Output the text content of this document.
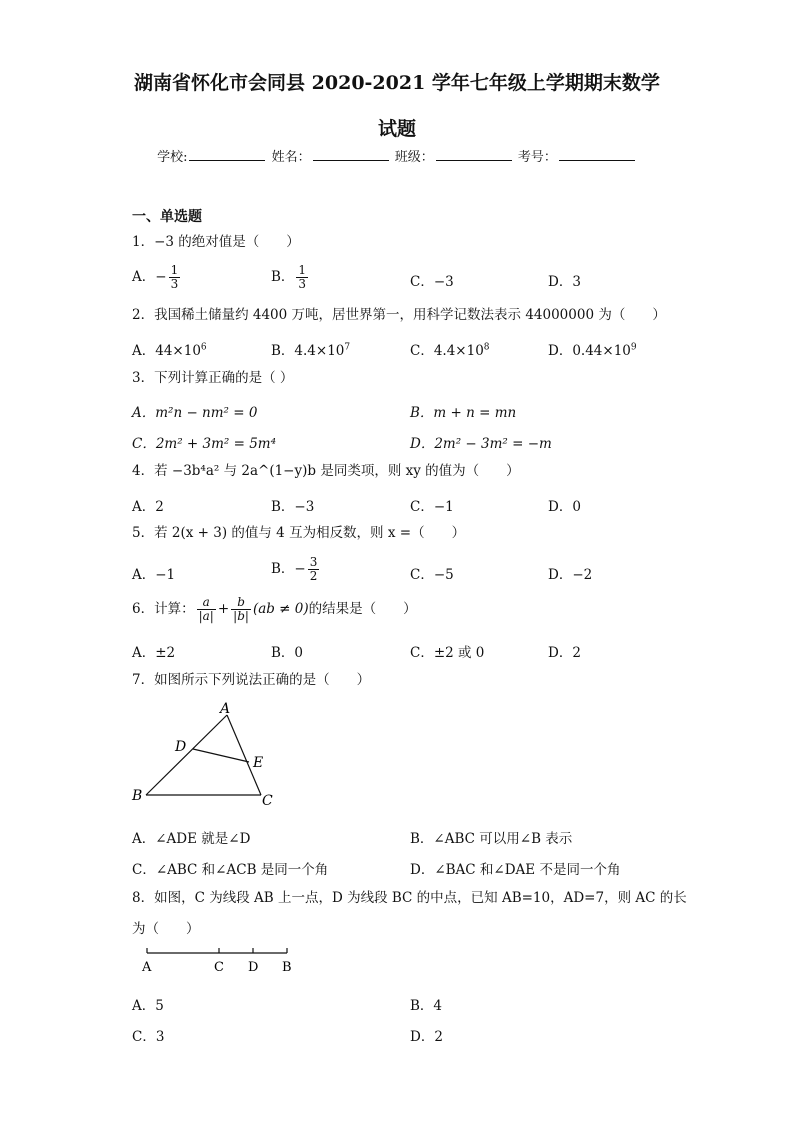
湖南省怀化市会同县 2020-2021 学年七年级上学期期末数学
试题
学校:	姓名：	班级：	考号：
一、单选题
1．−3 的绝对值是（　　）
A．− $\frac{1}{3}$	B． $\frac{1}{3}$	C．−3	D．3
2．我国稀土储量约 4400 万吨，居世界第一，用科学记数法表示 44000000 为（　　）
A．$44\times 10^6$	B．$4.4\times 10^7$	C．$4.4\times 10^8$	D．$0.44\times 10^9$
3．下列计算正确的是（ ）
A．m²n − nm² = 0	B．m + n = mn
C．2m² + 3m² = 5m⁴	D．2m² − 3m² = −m
4．若 −3b⁴a² 与 2a^(1−y)b 是同类项，则 xy 的值为（　　）
A．2	B．−3	C．−1	D．0
5．若 2(x + 3) 的值与 4 互为相反数，则 x =（　　）
A．−1	B．− $\frac{3}{2}$	C．−5	D．−2
6．计算： $\frac{a}{|a|} + \frac{b}{|b|} (ab \ne 0)$的结果是（　　）
A．±2	B．0	C．±2 或 0	D．2
7．如图所示下列说法正确的是（　　）
A
D
E
B	C
A．∠ADE 就是∠D	B．∠ABC 可以用∠B 表示
C．∠ABC 和∠ACB 是同一个角	D．∠BAC 和∠DAE 不是同一个角
8．如图，C 为线段 AB 上一点，D 为线段 BC 的中点，已知 AB=10，AD=7，则 AC 的长
为（　　）
A	C D B
A．5	B．4
C．3	D．2
